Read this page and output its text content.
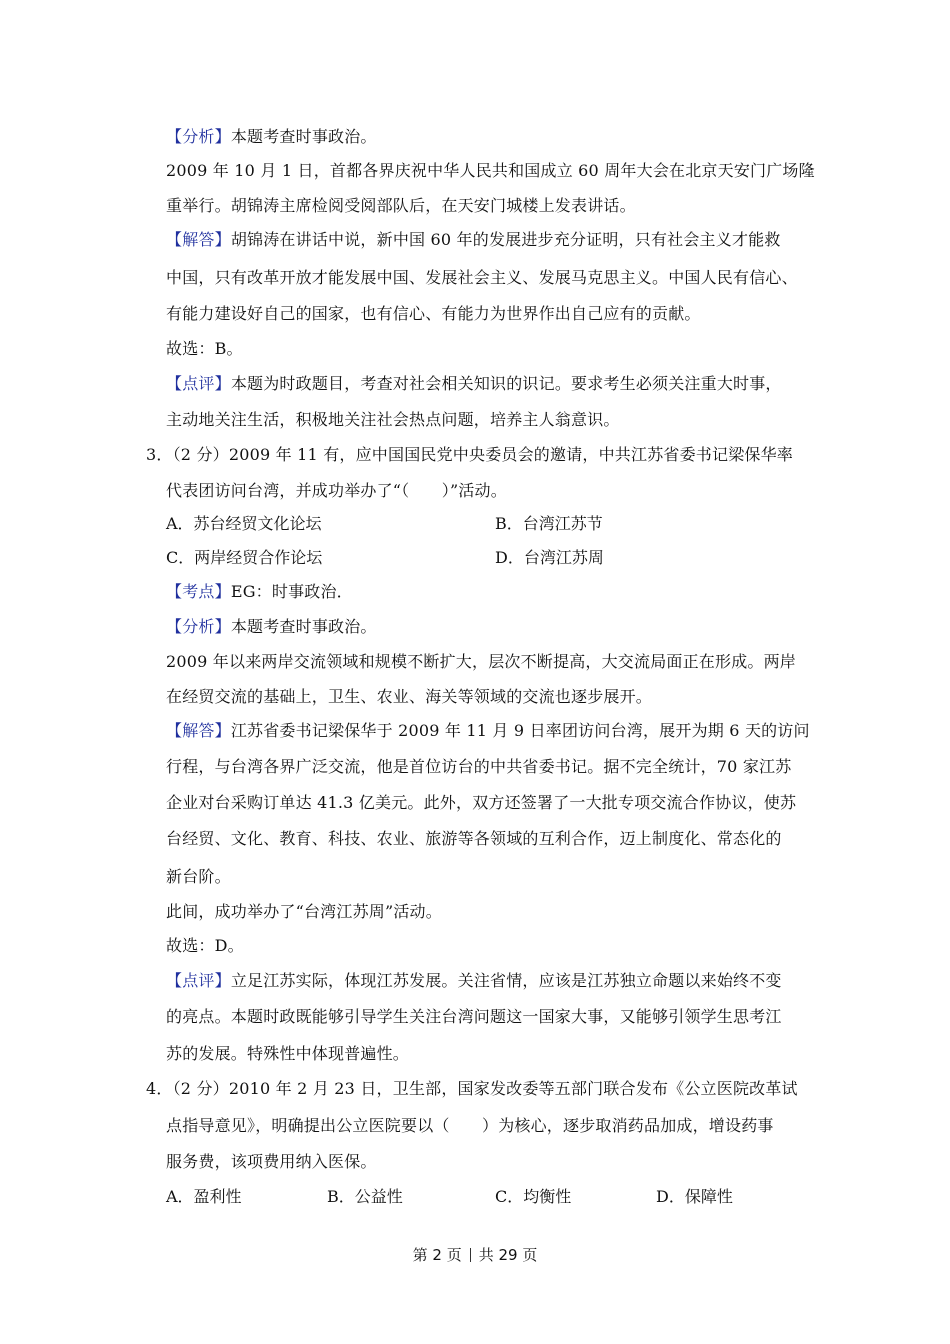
【分析】本题考查时事政治。
2009 年 10 月 1 日，首都各界庆祝中华人民共和国成立 60 周年大会在北京天安门广场隆
重举行。胡锦涛主席检阅受阅部队后，在天安门城楼上发表讲话。
【解答】胡锦涛在讲话中说，新中国 60 年的发展进步充分证明，只有社会主义才能救
中国，只有改革开放才能发展中国、发展社会主义、发展马克思主义。中国人民有信心、
有能力建设好自己的国家，也有信心、有能力为世界作出自己应有的贡献。
故选：B。
【点评】本题为时政题目，考查对社会相关知识的识记。要求考生必须关注重大时事，
主动地关注生活，积极地关注社会热点问题，培养主人翁意识。
3．（2 分）2009 年 11 有，应中国国民党中央委员会的邀请，中共江苏省委书记梁保华率
代表团访问台湾，并成功举办了“（　　）”活动。
A．苏台经贸文化论坛	B．台湾江苏节
C．两岸经贸合作论坛	D．台湾江苏周
【考点】EG：时事政治．
【分析】本题考查时事政治。
2009 年以来两岸交流领域和规模不断扩大，层次不断提高，大交流局面正在形成。两岸
在经贸交流的基础上，卫生、农业、海关等领域的交流也逐步展开。
【解答】江苏省委书记梁保华于 2009 年 11 月 9 日率团访问台湾，展开为期 6 天的访问
行程，与台湾各界广泛交流，他是首位访台的中共省委书记。据不完全统计，70 家江苏
企业对台采购订单达 41.3 亿美元。此外，双方还签署了一大批专项交流合作协议，使苏
台经贸、文化、教育、科技、农业、旅游等各领域的互利合作，迈上制度化、常态化的
新台阶。
此间，成功举办了“台湾江苏周”活动。
故选：D。
【点评】立足江苏实际，体现江苏发展。关注省情，应该是江苏独立命题以来始终不变
的亮点。本题时政既能够引导学生关注台湾问题这一国家大事，又能够引领学生思考江
苏的发展。特殊性中体现普遍性。
4．（2 分）2010 年 2 月 23 日，卫生部，国家发改委等五部门联合发布《公立医院改革试
点指导意见》，明确提出公立医院要以（　　）为核心，逐步取消药品加成，增设药事
服务费，该项费用纳入医保。
A．盈利性	B．公益性	C．均衡性	D．保障性
第 2 页 共 29 页
